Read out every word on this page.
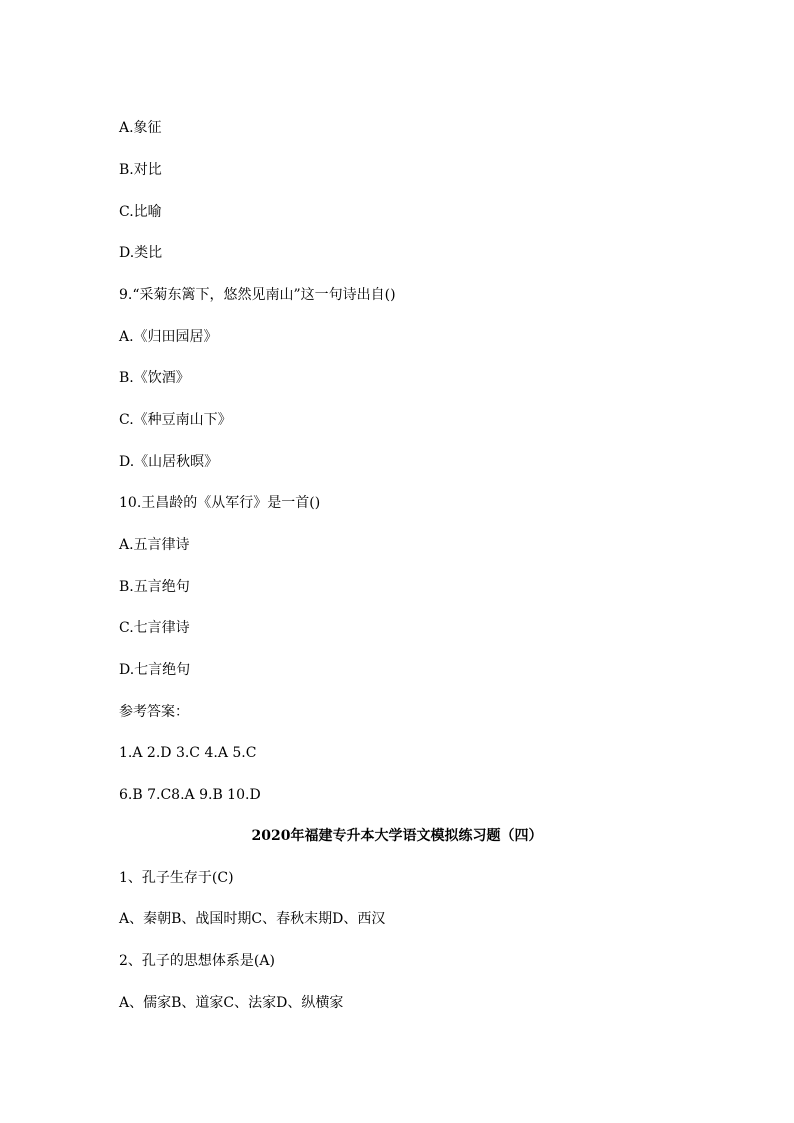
A.象征
B.对比
C.比喻
D.类比
9.“采菊东篱下，悠然见南山”这一句诗出自()
A.《归田园居》
B.《饮酒》
C.《种豆南山下》
D.《山居秋暝》
10.王昌龄的《从军行》是一首()
A.五言律诗
B.五言绝句
C.七言律诗
D.七言绝句
参考答案：
1.A 2.D 3.C 4.A 5.C
6.B 7.C8.A 9.B 10.D
2020年福建专升本大学语文模拟练习题（四）
1、孔子生存于(C)
A、秦朝B、战国时期C、春秋末期D、西汉
2、孔子的思想体系是(A)
A、儒家B、道家C、法家D、纵横家
